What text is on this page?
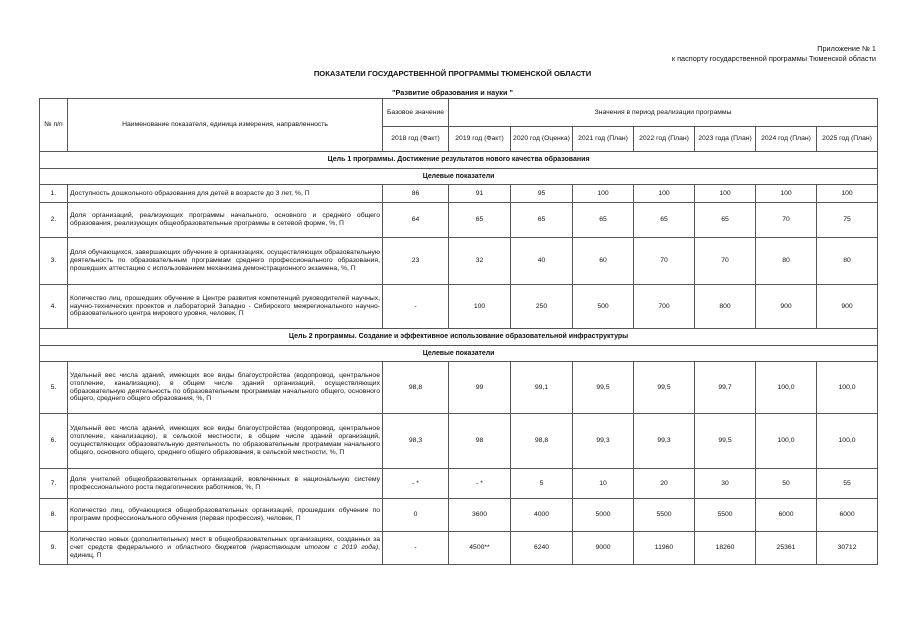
Приложение № 1
к паспорту государственной программы Тюменской области
ПОКАЗАТЕЛИ ГОСУДАРСТВЕННОЙ ПРОГРАММЫ ТЮМЕНСКОЙ ОБЛАСТИ
"Развитие образования и науки "
№ п/п	Наименование показателя, единица измерения, направленность	Базовое значение	Значения в период реализации программы						
		2018 год (Факт)	2019 год (Факт)	2020 год (Оценка)	2021 год (План)	2022 год (План)	2023 года (План)	2024 год (План)	2025 год (План)
Цель 1 программы. Достижение результатов нового качества образования									
Целевые показатели									
1.	Доступность дошкольного образования для детей в возрасте до 3 лет, %, П	86	91	95	100	100	100	100	100
2.	Доля организаций, реализующих программы начального, основного и среднего общего образования, реализующих общеобразовательные программы в сетевой форме, %, П	64	65	65	65	65	65	70	75
3.	Доля обучающихся, завершающих обучение в организациях, осуществляющих образовательную деятельность по образовательным программам среднего профессионального образования, прошедших аттестацию с использованием механизма демонстрационного экзамена, %, П	23	32	40	60	70	70	80	80
4.	Количество лиц, прошедших обучение в Центре развития компетенций руководителей научных, научно-технических проектов и лабораторий Западно - Сибирского межрегионального научно-образовательного центра мирового уровня, человек, П	-	100	250	500	700	800	900	900
Цель 2 программы. Создание и эффективное использование образовательной инфраструктуры									
Целевые показатели									
5.	Удельный вес числа зданий, имеющих все виды благоустройства (водопровод, центральное отопление, канализацию), в общем числе зданий организаций, осуществляющих образовательную деятельность по образовательным программам начального общего, основного общего, среднего общего образования, %, П	98,8	99	99,1	99,5	99,5	99,7	100,0	100,0
6.	Удельный вес числа зданий, имеющих все виды благоустройства (водопровод, центральное отопление, канализацию), в сельской местности, в общем числе зданий организаций, осуществляющих образовательную деятельность по образовательным программам начального общего, основного общего, среднего общего образования, в сельской местности, %, П	98,3	98	98,8	99,3	99,3	99,5	100,0	100,0
7.	Доля учителей общеобразовательных организаций, вовлеченных в национальную систему профессионального роста педагогических работников, %, П	- *	- *	5	10	20	30	50	55
8.	Количество лиц, обучающихся общеобразовательных организаций, прошедших обучение по программ профессионального обучения (первая профессия), человек, П	0	3600	4000	5000	5500	5500	6000	6000
9.	Количество новых (дополнительных) мест в общеобразовательных организациях, созданных за счет средств федерального и областного бюджетов (нарастающим итогом с 2019 года), единиц, П	-	4500**	6240	9000	11960	18260	25361	30712
